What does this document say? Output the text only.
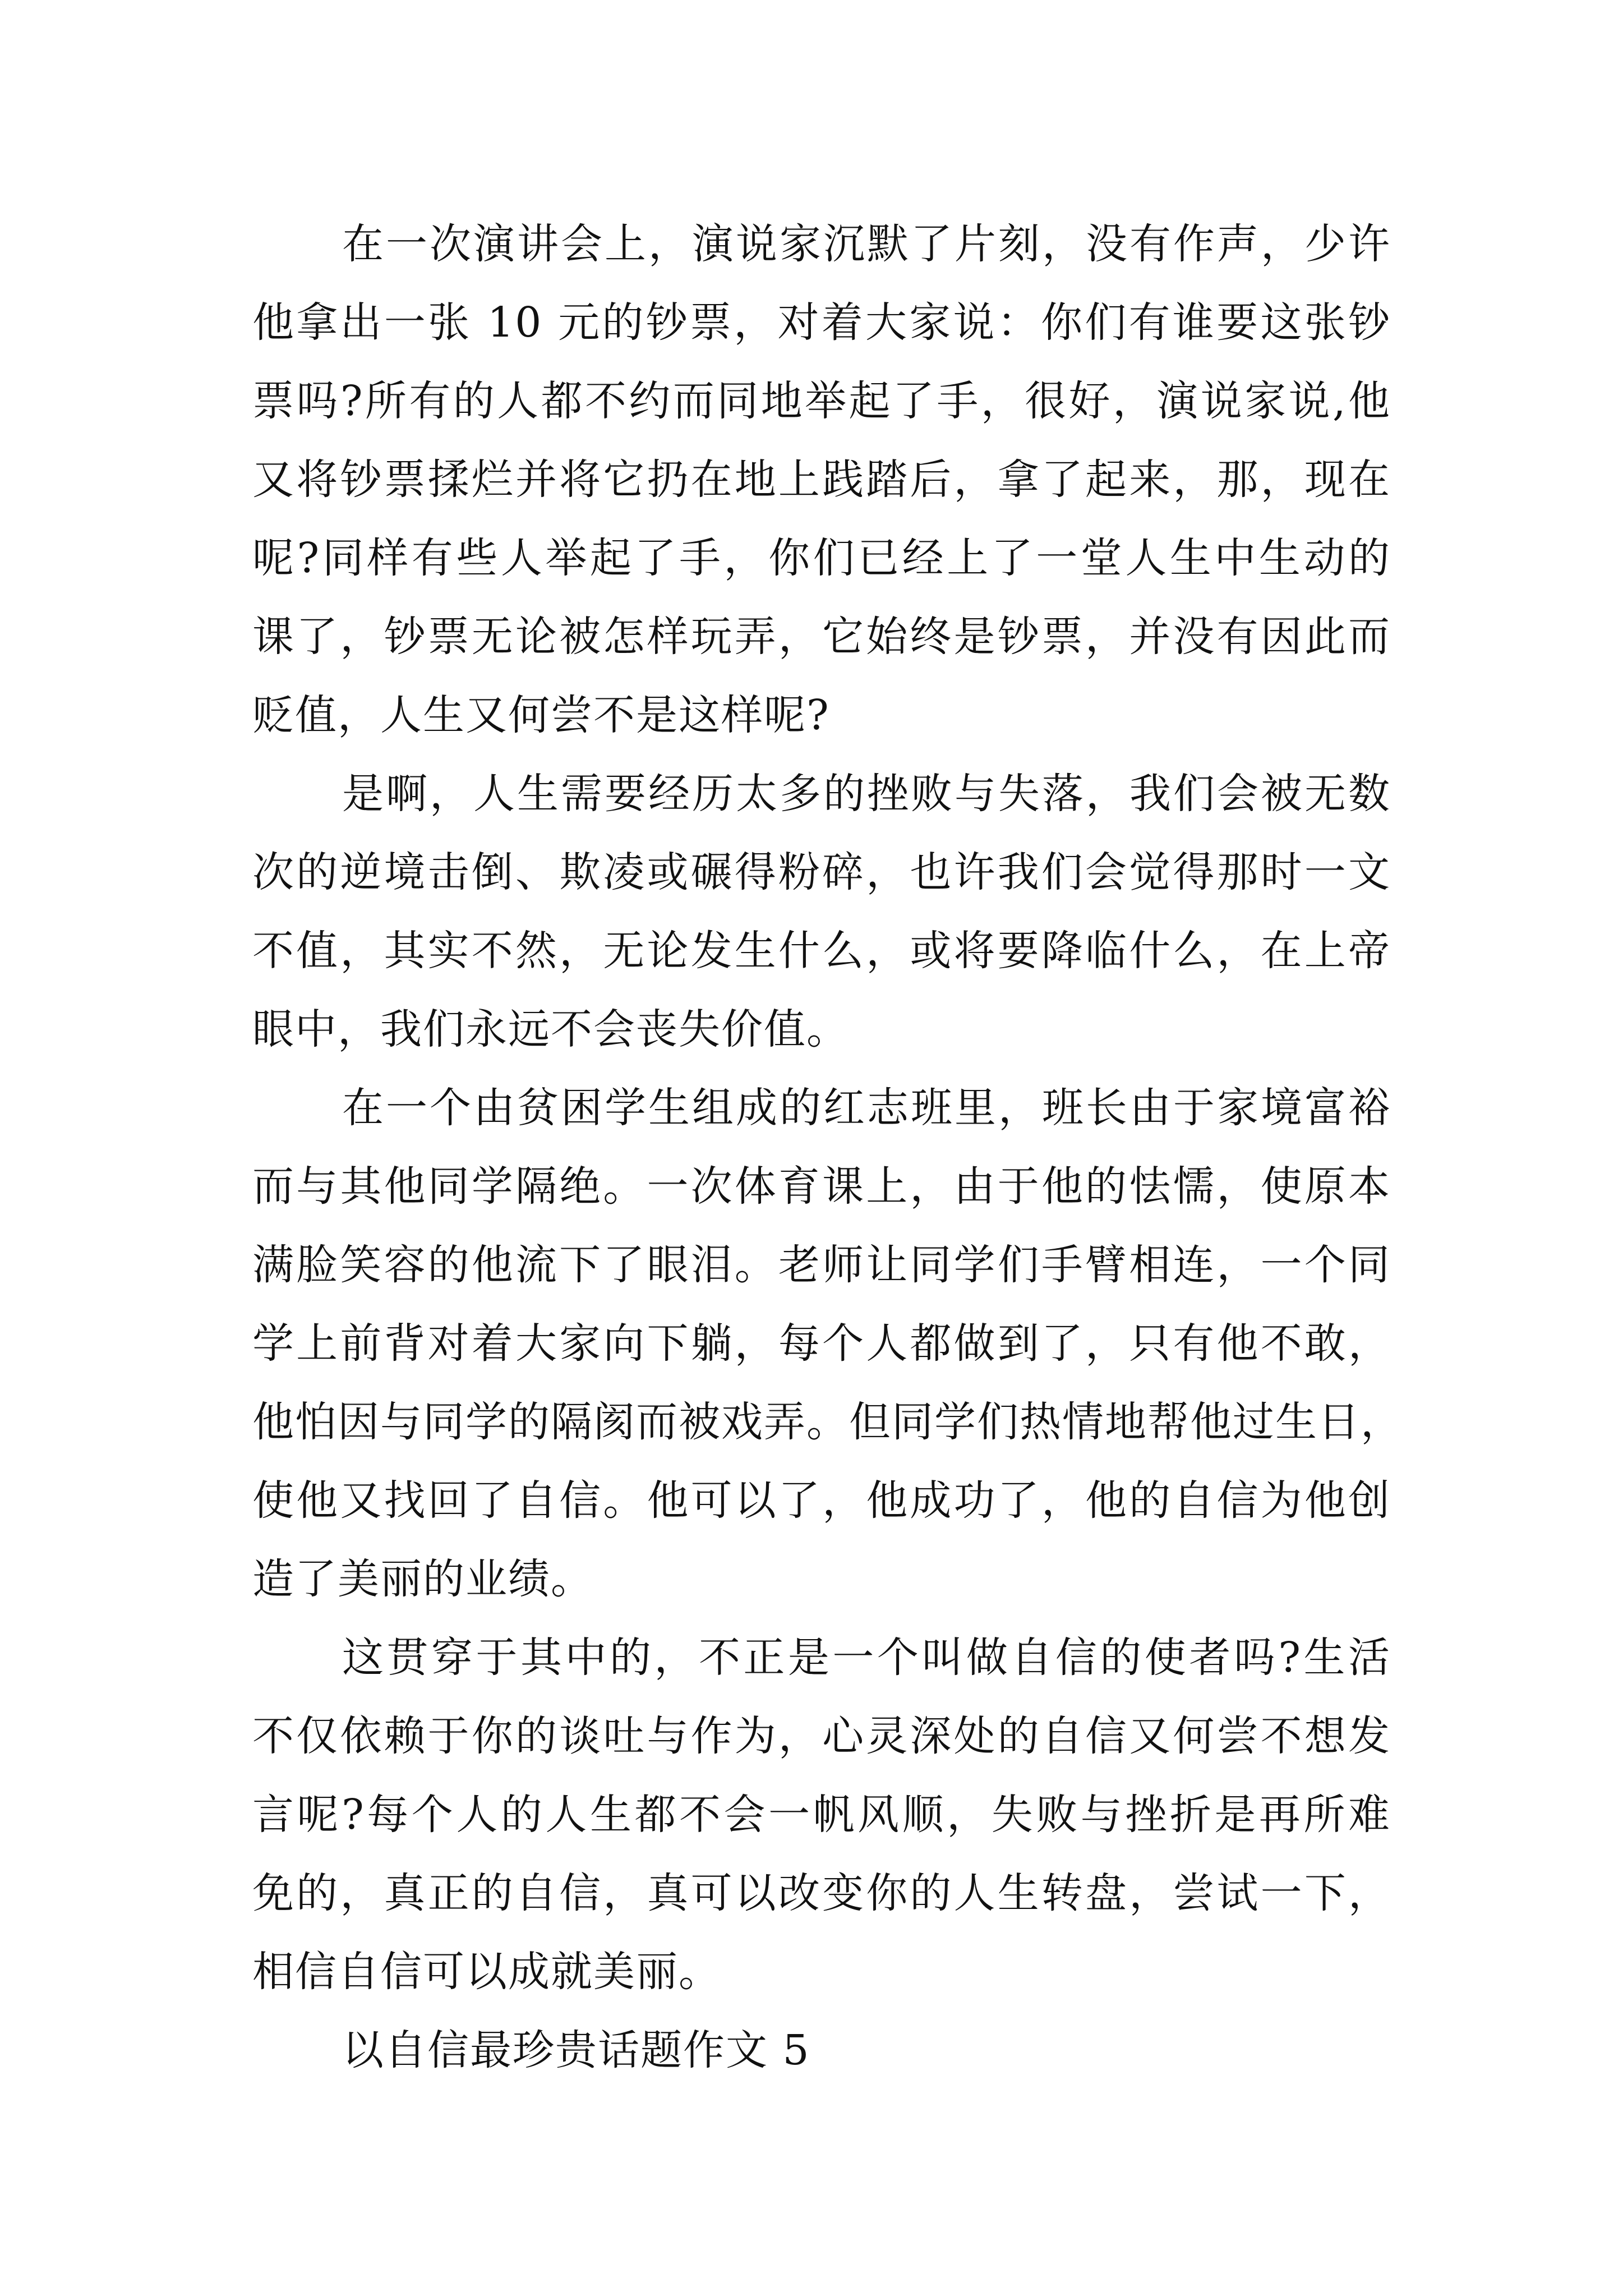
在一次演讲会上，演说家沉默了片刻，没有作声，少许
他拿出一张 10 元的钞票，对着大家说：你们有谁要这张钞
票吗?所有的人都不约而同地举起了手，很好，演说家说,他
又将钞票揉烂并将它扔在地上践踏后，拿了起来，那，现在
呢?同样有些人举起了手，你们已经上了一堂人生中生动的
课了，钞票无论被怎样玩弄，它始终是钞票，并没有因此而
贬值，人生又何尝不是这样呢?
是啊，人生需要经历太多的挫败与失落，我们会被无数
次的逆境击倒、欺凌或碾得粉碎，也许我们会觉得那时一文
不值，其实不然，无论发生什么，或将要降临什么，在上帝
眼中，我们永远不会丧失价值。
在一个由贫困学生组成的红志班里，班长由于家境富裕
而与其他同学隔绝。一次体育课上，由于他的怯懦，使原本
满脸笑容的他流下了眼泪。老师让同学们手臂相连，一个同
学上前背对着大家向下躺，每个人都做到了，只有他不敢，
他怕因与同学的隔阂而被戏弄。但同学们热情地帮他过生日，
使他又找回了自信。他可以了，他成功了，他的自信为他创
造了美丽的业绩。
这贯穿于其中的，不正是一个叫做自信的使者吗?生活
不仅依赖于你的谈吐与作为，心灵深处的自信又何尝不想发
言呢?每个人的人生都不会一帆风顺，失败与挫折是再所难
免的，真正的自信，真可以改变你的人生转盘，尝试一下，
相信自信可以成就美丽。
以自信最珍贵话题作文 5
